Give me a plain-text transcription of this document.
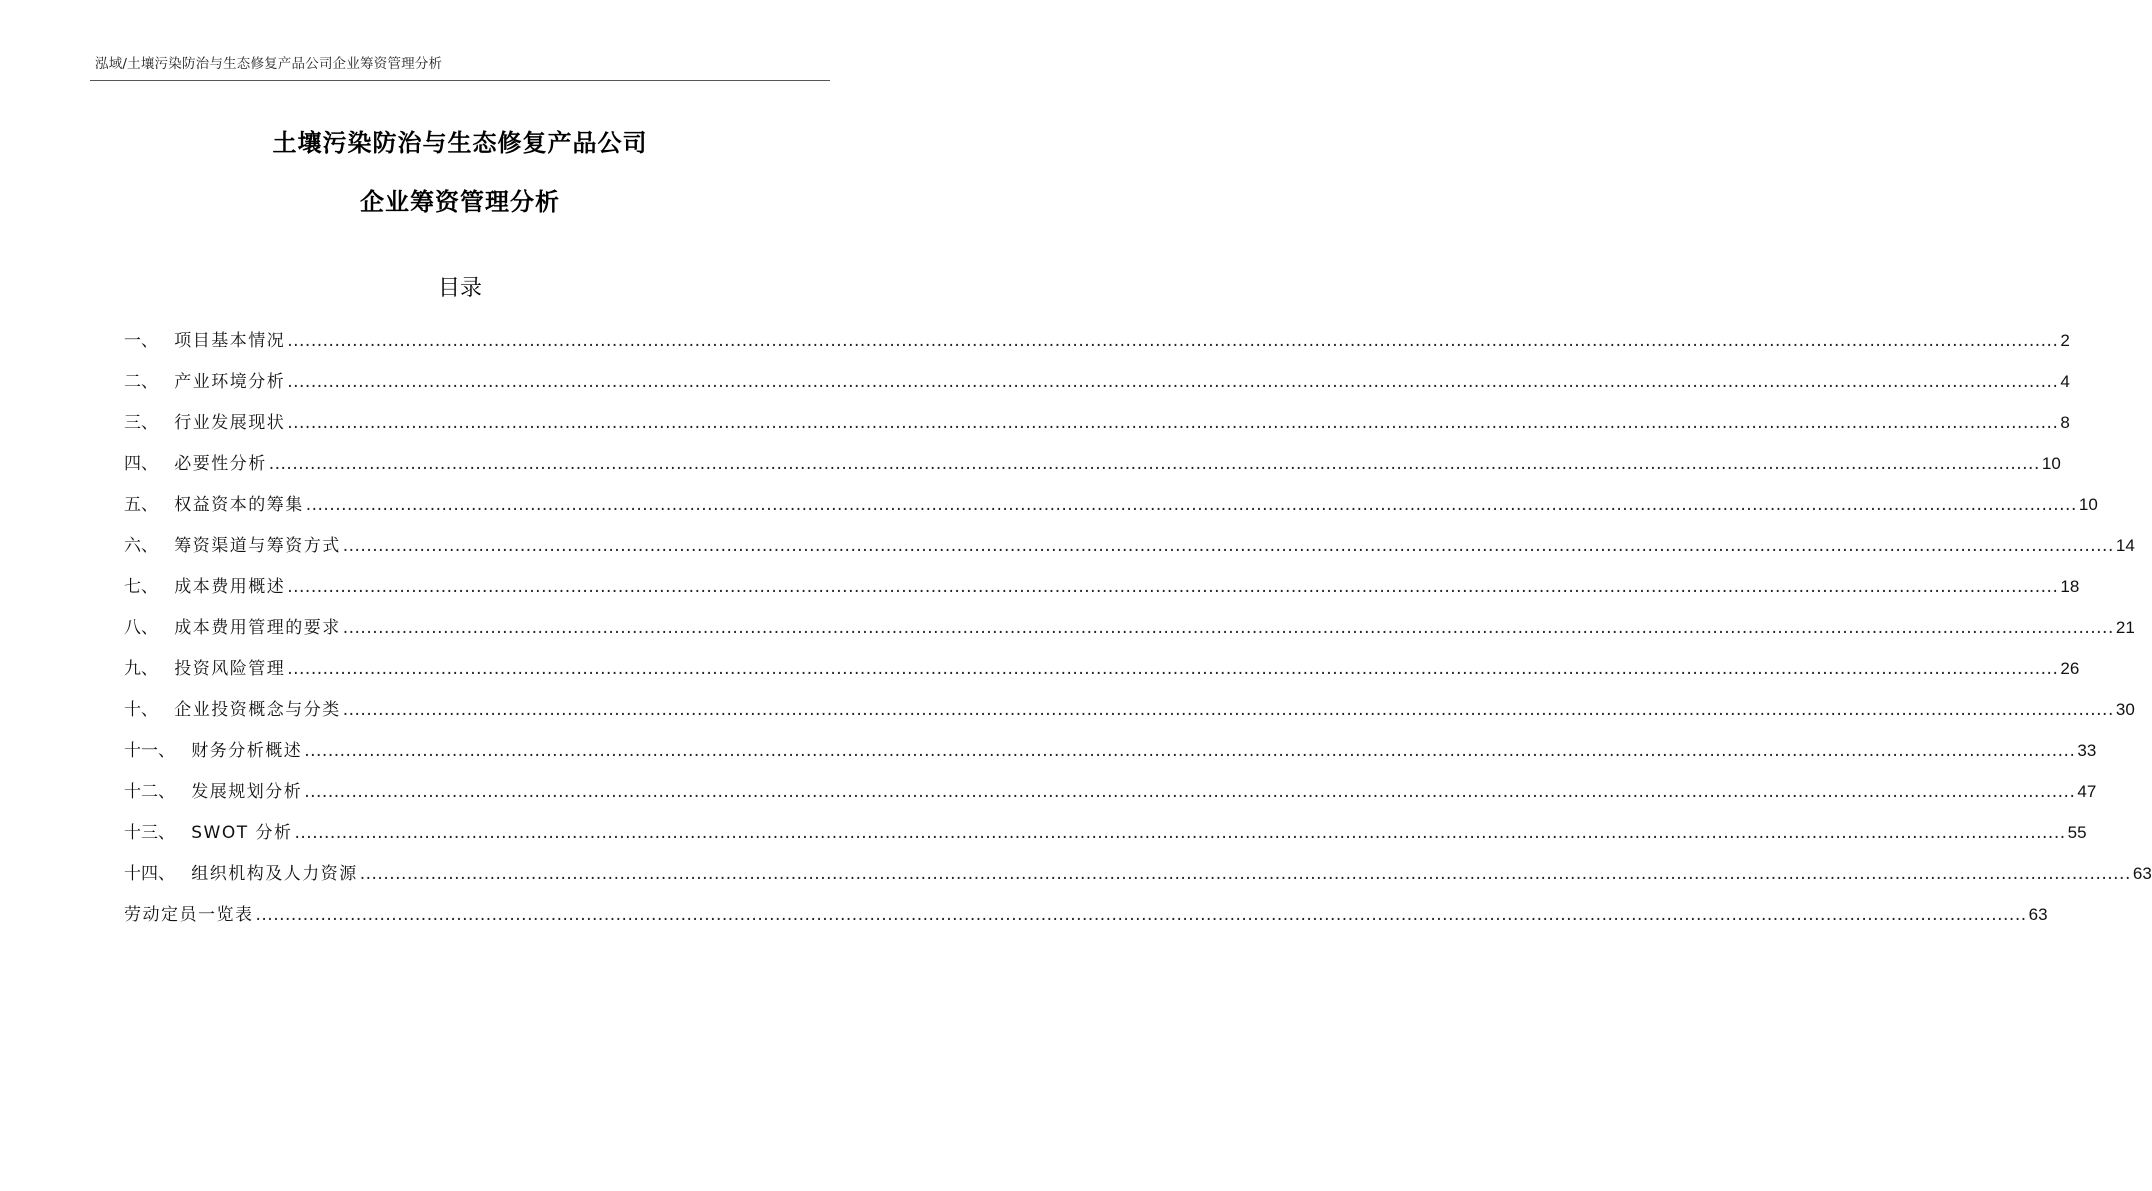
泓域/土壤污染防治与生态修复产品公司企业筹资管理分析
土壤污染防治与生态修复产品公司
企业筹资管理分析
目录
一、 项目基本情况 ............................................................................................................................................................................................................................................................................................................ 2
二、 产业环境分析 ............................................................................................................................................................................................................................................................................................................ 4
三、 行业发展现状 ............................................................................................................................................................................................................................................................................................................ 8
四、 必要性分析 ............................................................................................................................................................................................................................................................................................................ 10
五、 权益资本的筹集 ............................................................................................................................................................................................................................................................................................................ 10
六、 筹资渠道与筹资方式 ............................................................................................................................................................................................................................................................................................................ 14
七、 成本费用概述 ............................................................................................................................................................................................................................................................................................................ 18
八、 成本费用管理的要求 ............................................................................................................................................................................................................................................................................................................ 21
九、 投资风险管理 ............................................................................................................................................................................................................................................................................................................ 26
十、 企业投资概念与分类 ............................................................................................................................................................................................................................................................................................................ 30
十一、 财务分析概述 ............................................................................................................................................................................................................................................................................................................ 33
十二、 发展规划分析 ............................................................................................................................................................................................................................................................................................................ 47
十三、 SWOT 分析 ............................................................................................................................................................................................................................................................................................................ 55
十四、 组织机构及人力资源 ............................................................................................................................................................................................................................................................................................................ 63
劳动定员一览表 ............................................................................................................................................................................................................................................................................................................ 63
